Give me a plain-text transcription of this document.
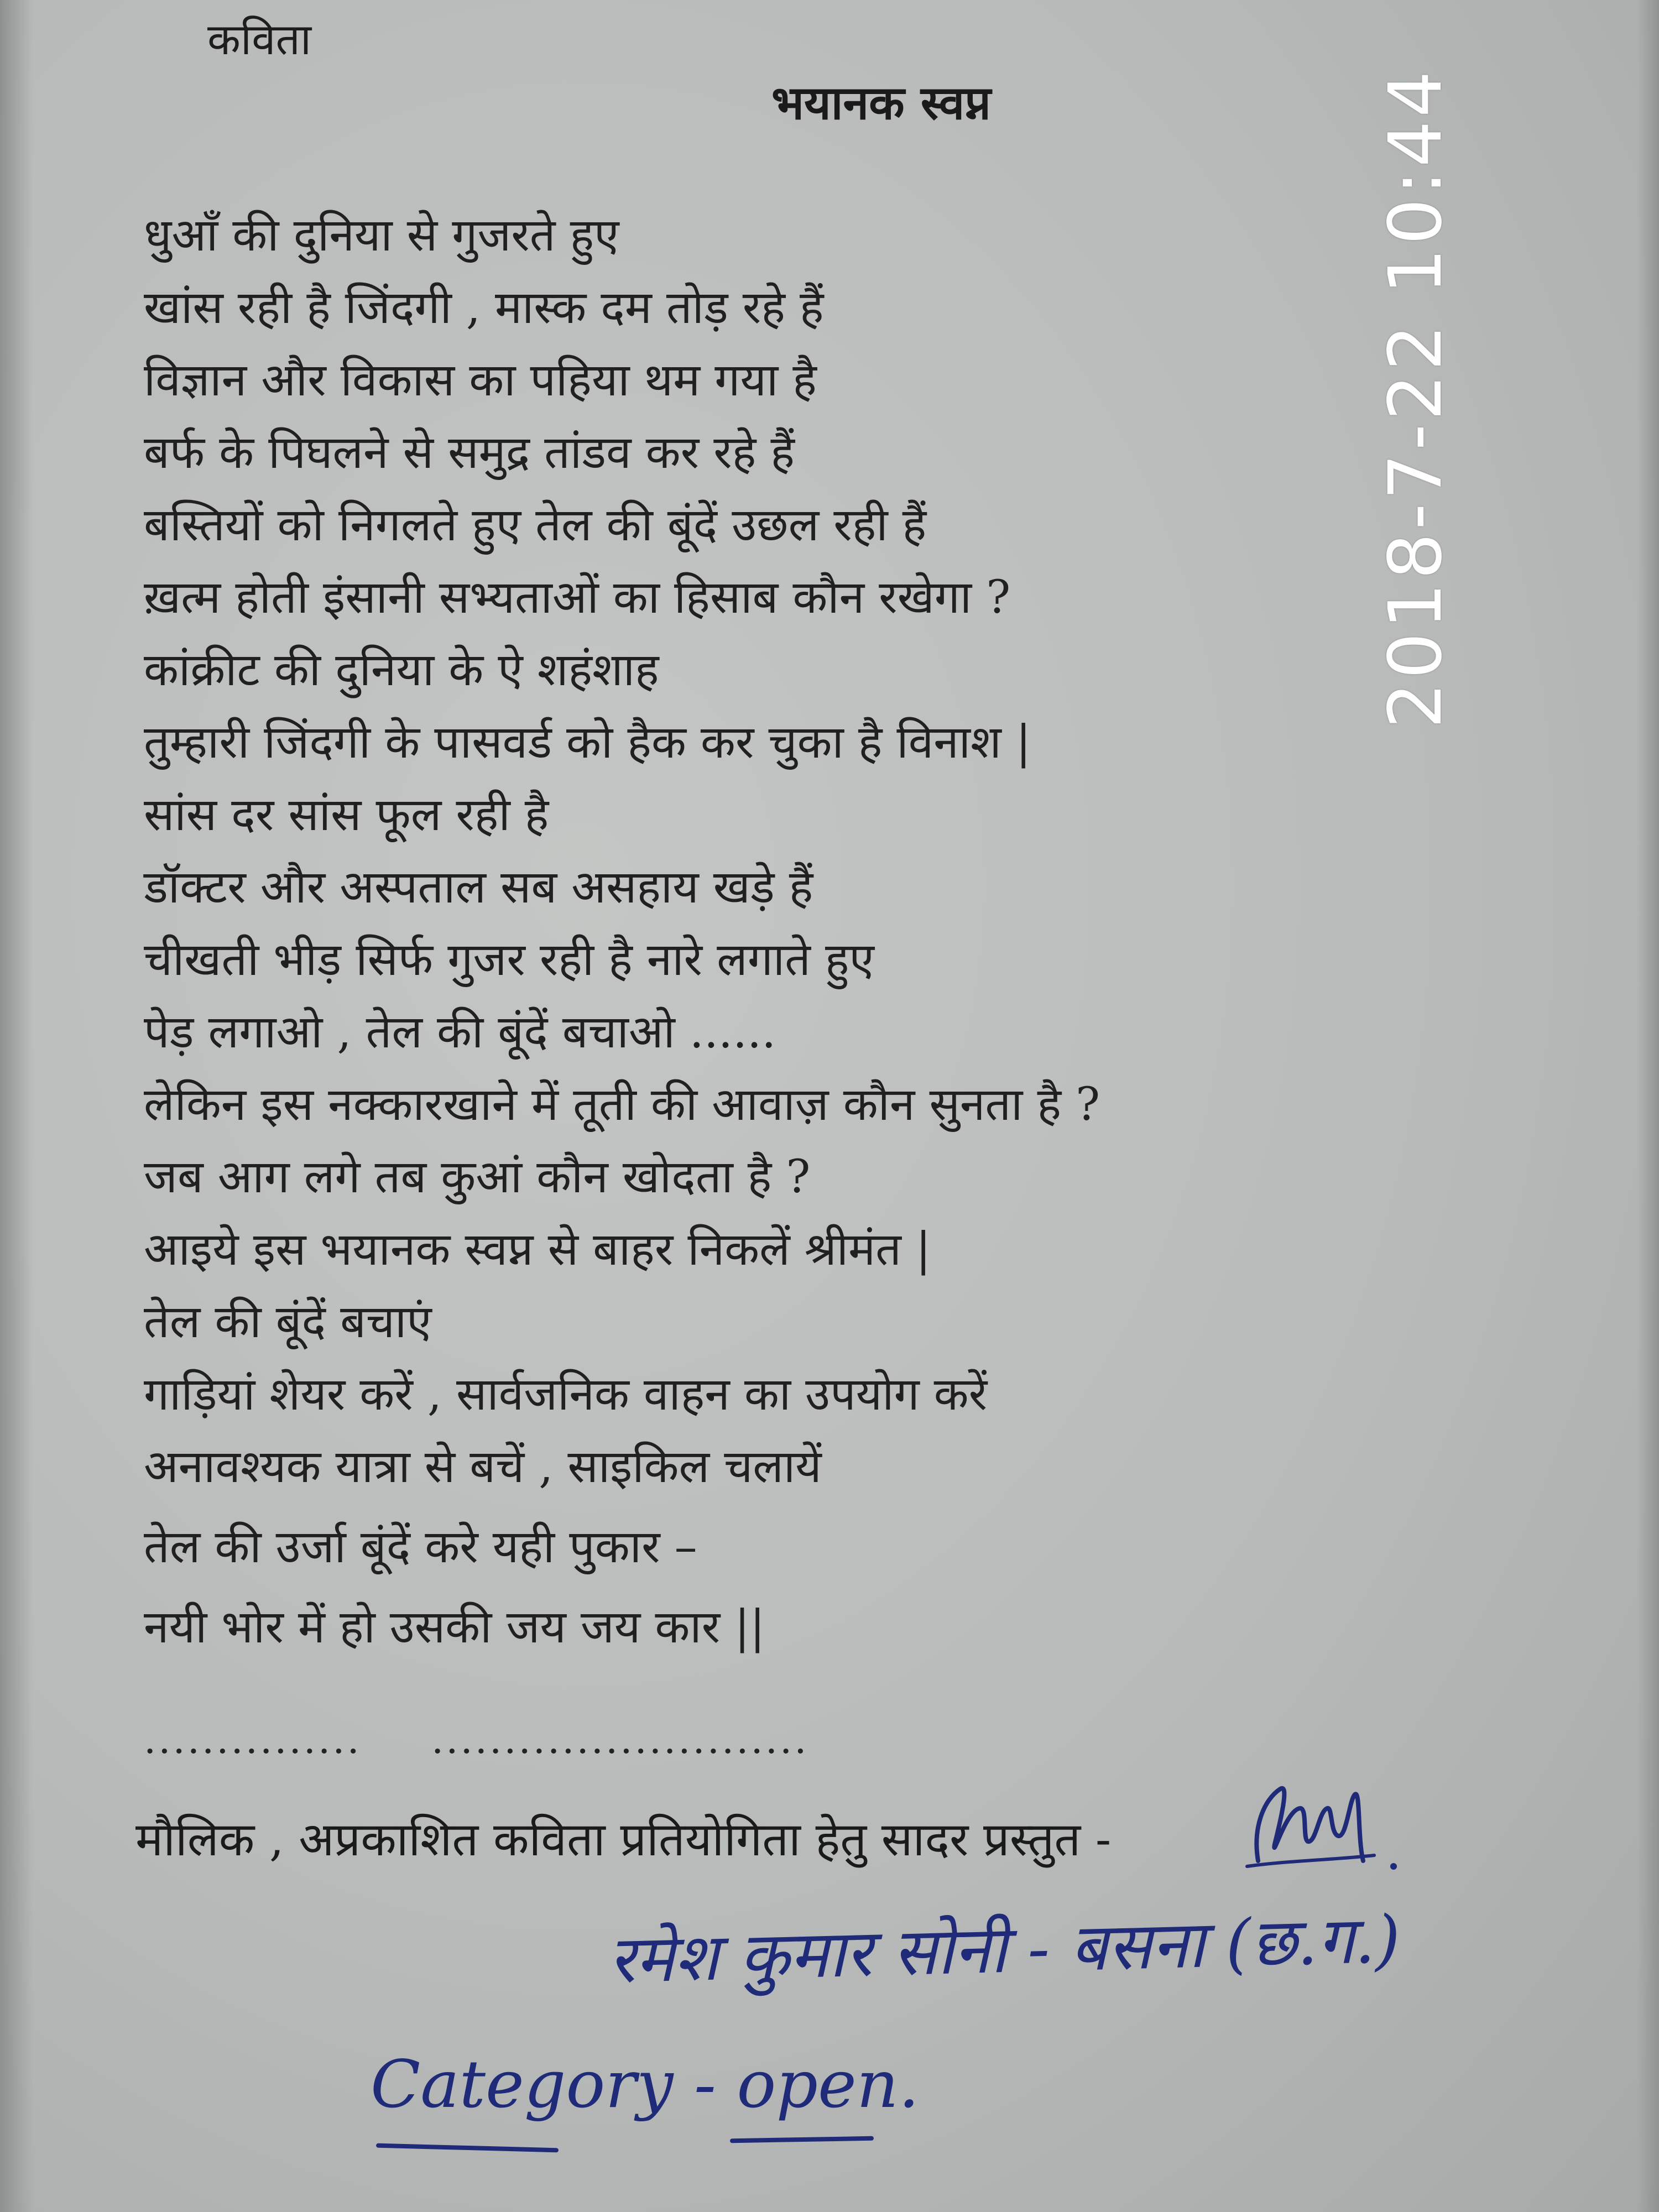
कविता
भयानक स्वप्न
धुआँ की दुनिया से गुजरते हुए
खांस रही है जिंदगी , मास्क दम तोड़ रहे हैं
विज्ञान और विकास का पहिया थम गया है
बर्फ के पिघलने से समुद्र तांडव कर रहे हैं
बस्तियों को निगलते हुए तेल की बूंदें उछल रही हैं
ख़त्म होती इंसानी सभ्यताओं का हिसाब कौन रखेगा ?
कांक्रीट की दुनिया के ऐ शहंशाह
तुम्हारी जिंदगी के पासवर्ड को हैक कर चुका है विनाश |
सांस दर सांस फूल रही है
डॉक्टर और अस्पताल सब असहाय खड़े हैं
चीखती भीड़ सिर्फ गुजर रही है नारे लगाते हुए
पेड़ लगाओ , तेल की बूंदें बचाओ ......
लेकिन इस नक्कारखाने में तूती की आवाज़ कौन सुनता है ?
जब आग लगे तब कुआं कौन खोदता है ?
आइये इस भयानक स्वप्न से बाहर निकलें श्रीमंत |
तेल की बूंदें बचाएं
गाड़ियां शेयर करें , सार्वजनिक वाहन का उपयोग करें
अनावश्यक यात्रा से बचें , साइकिल चलायें
तेल की उर्जा बूंदें करे यही पुकार –
नयी भोर में हो उसकी जय जय कार ||
............... ..........................
मौलिक , अप्रकाशित कविता प्रतियोगिता हेतु सादर प्रस्तुत -
रमेश कुमार सोनी - बसना (छ.ग.)
Category - open.
2018-7-22 10:44
